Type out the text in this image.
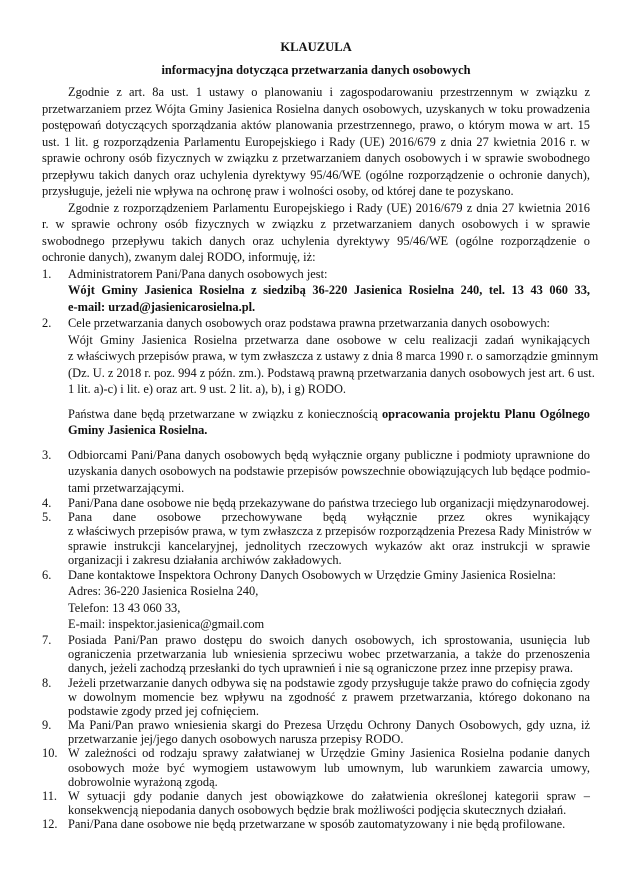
KLAUZULA
informacyjna dotycząca przetwarzania danych osobowych
Zgodnie z art. 8a ust. 1 ustawy o planowaniu i zagospodarowaniu przestrzennym w związku z
przetwarzaniem przez Wójta Gminy Jasienica Rosielna danych osobowych, uzyskanych w toku prowadzenia
postępowań dotyczących sporządzania aktów planowania przestrzennego, prawo, o którym mowa w art. 15
ust. 1 lit. g rozporządzenia Parlamentu Europejskiego i Rady (UE) 2016/679 z dnia 27 kwietnia 2016 r. w
sprawie ochrony osób fizycznych w związku z przetwarzaniem danych osobowych i w sprawie swobodnego
przepływu takich danych oraz uchylenia dyrektywy 95/46/WE (ogólne rozporządzenie o ochronie danych),
przysługuje, jeżeli nie wpływa na ochronę praw i wolności osoby, od której dane te pozyskano.
Zgodnie z rozporządzeniem Parlamentu Europejskiego i Rady (UE) 2016/679 z dnia 27 kwietnia 2016
r. w sprawie ochrony osób fizycznych w związku z przetwarzaniem danych osobowych i w sprawie
swobodnego przepływu takich danych oraz uchylenia dyrektywy 95/46/WE (ogólne rozporządzenie o
ochronie danych), zwanym dalej RODO, informuję, iż:
1.	Administratorem Pani/Pana danych osobowych jest:
Wójt Gminy Jasienica Rosielna z siedzibą 36-220 Jasienica Rosielna 240, tel. 13 43 060 33,
e-mail: urzad@jasienicarosielna.pl.
2.	Cele przetwarzania danych osobowych oraz podstawa prawna przetwarzania danych osobowych:
Wójt Gminy Jasienica Rosielna przetwarza dane osobowe w celu realizacji zadań wynikających
z właściwych przepisów prawa, w tym zwłaszcza z ustawy z dnia 8 marca 1990 r. o samorządzie gminnym
(Dz. U. z 2018 r. poz. 994 z późn. zm.). Podstawą prawną przetwarzania danych osobowych jest art. 6 ust.
1 lit. a)-c) i lit. e) oraz art. 9 ust. 2 lit. a), b), i g) RODO.
Państwa dane będą przetwarzane w związku z koniecznością opracowania projektu Planu Ogólnego
Gminy Jasienica Rosielna.
3.	Odbiorcami Pani/Pana danych osobowych będą wyłącznie organy publiczne i podmioty uprawnione do
uzyskania danych osobowych na podstawie przepisów powszechnie obowiązujących lub będące podmio-
tami przetwarzającymi.
4.	Pani/Pana dane osobowe nie będą przekazywane do państwa trzeciego lub organizacji międzynarodowej.
5.	Pana dane osobowe przechowywane będą wyłącznie przez okres wynikający
z właściwych przepisów prawa, w tym zwłaszcza z przepisów rozporządzenia Prezesa Rady Ministrów w
sprawie instrukcji kancelaryjnej, jednolitych rzeczowych wykazów akt oraz instrukcji w sprawie
organizacji i zakresu działania archiwów zakładowych.
6.	Dane kontaktowe Inspektora Ochrony Danych Osobowych w Urzędzie Gminy Jasienica Rosielna:
Adres: 36-220 Jasienica Rosielna 240,
Telefon: 13 43 060 33,
E-mail: inspektor.jasienica@gmail.com
7.	Posiada Pani/Pan prawo dostępu do swoich danych osobowych, ich sprostowania, usunięcia lub
ograniczenia przetwarzania lub wniesienia sprzeciwu wobec przetwarzania, a także do przenoszenia
danych, jeżeli zachodzą przesłanki do tych uprawnień i nie są ograniczone przez inne przepisy prawa.
8.	Jeżeli przetwarzanie danych odbywa się na podstawie zgody przysługuje także prawo do cofnięcia zgody
w dowolnym momencie bez wpływu na zgodność z prawem przetwarzania, którego dokonano na
podstawie zgody przed jej cofnięciem.
9.	Ma Pani/Pan prawo wniesienia skargi do Prezesa Urzędu Ochrony Danych Osobowych, gdy uzna, iż
przetwarzanie jej/jego danych osobowych narusza przepisy RODO.
10. W zależności od rodzaju sprawy załatwianej w Urzędzie Gminy Jasienica Rosielna podanie danych
osobowych może być wymogiem ustawowym lub umownym, lub warunkiem zawarcia umowy,
dobrowolnie wyrażoną zgodą.
11. W sytuacji gdy podanie danych jest obowiązkowe do załatwienia określonej kategorii spraw –
konsekwencją niepodania danych osobowych będzie brak możliwości podjęcia skutecznych działań.
12. Pani/Pana dane osobowe nie będą przetwarzane w sposób zautomatyzowany i nie będą profilowane.
